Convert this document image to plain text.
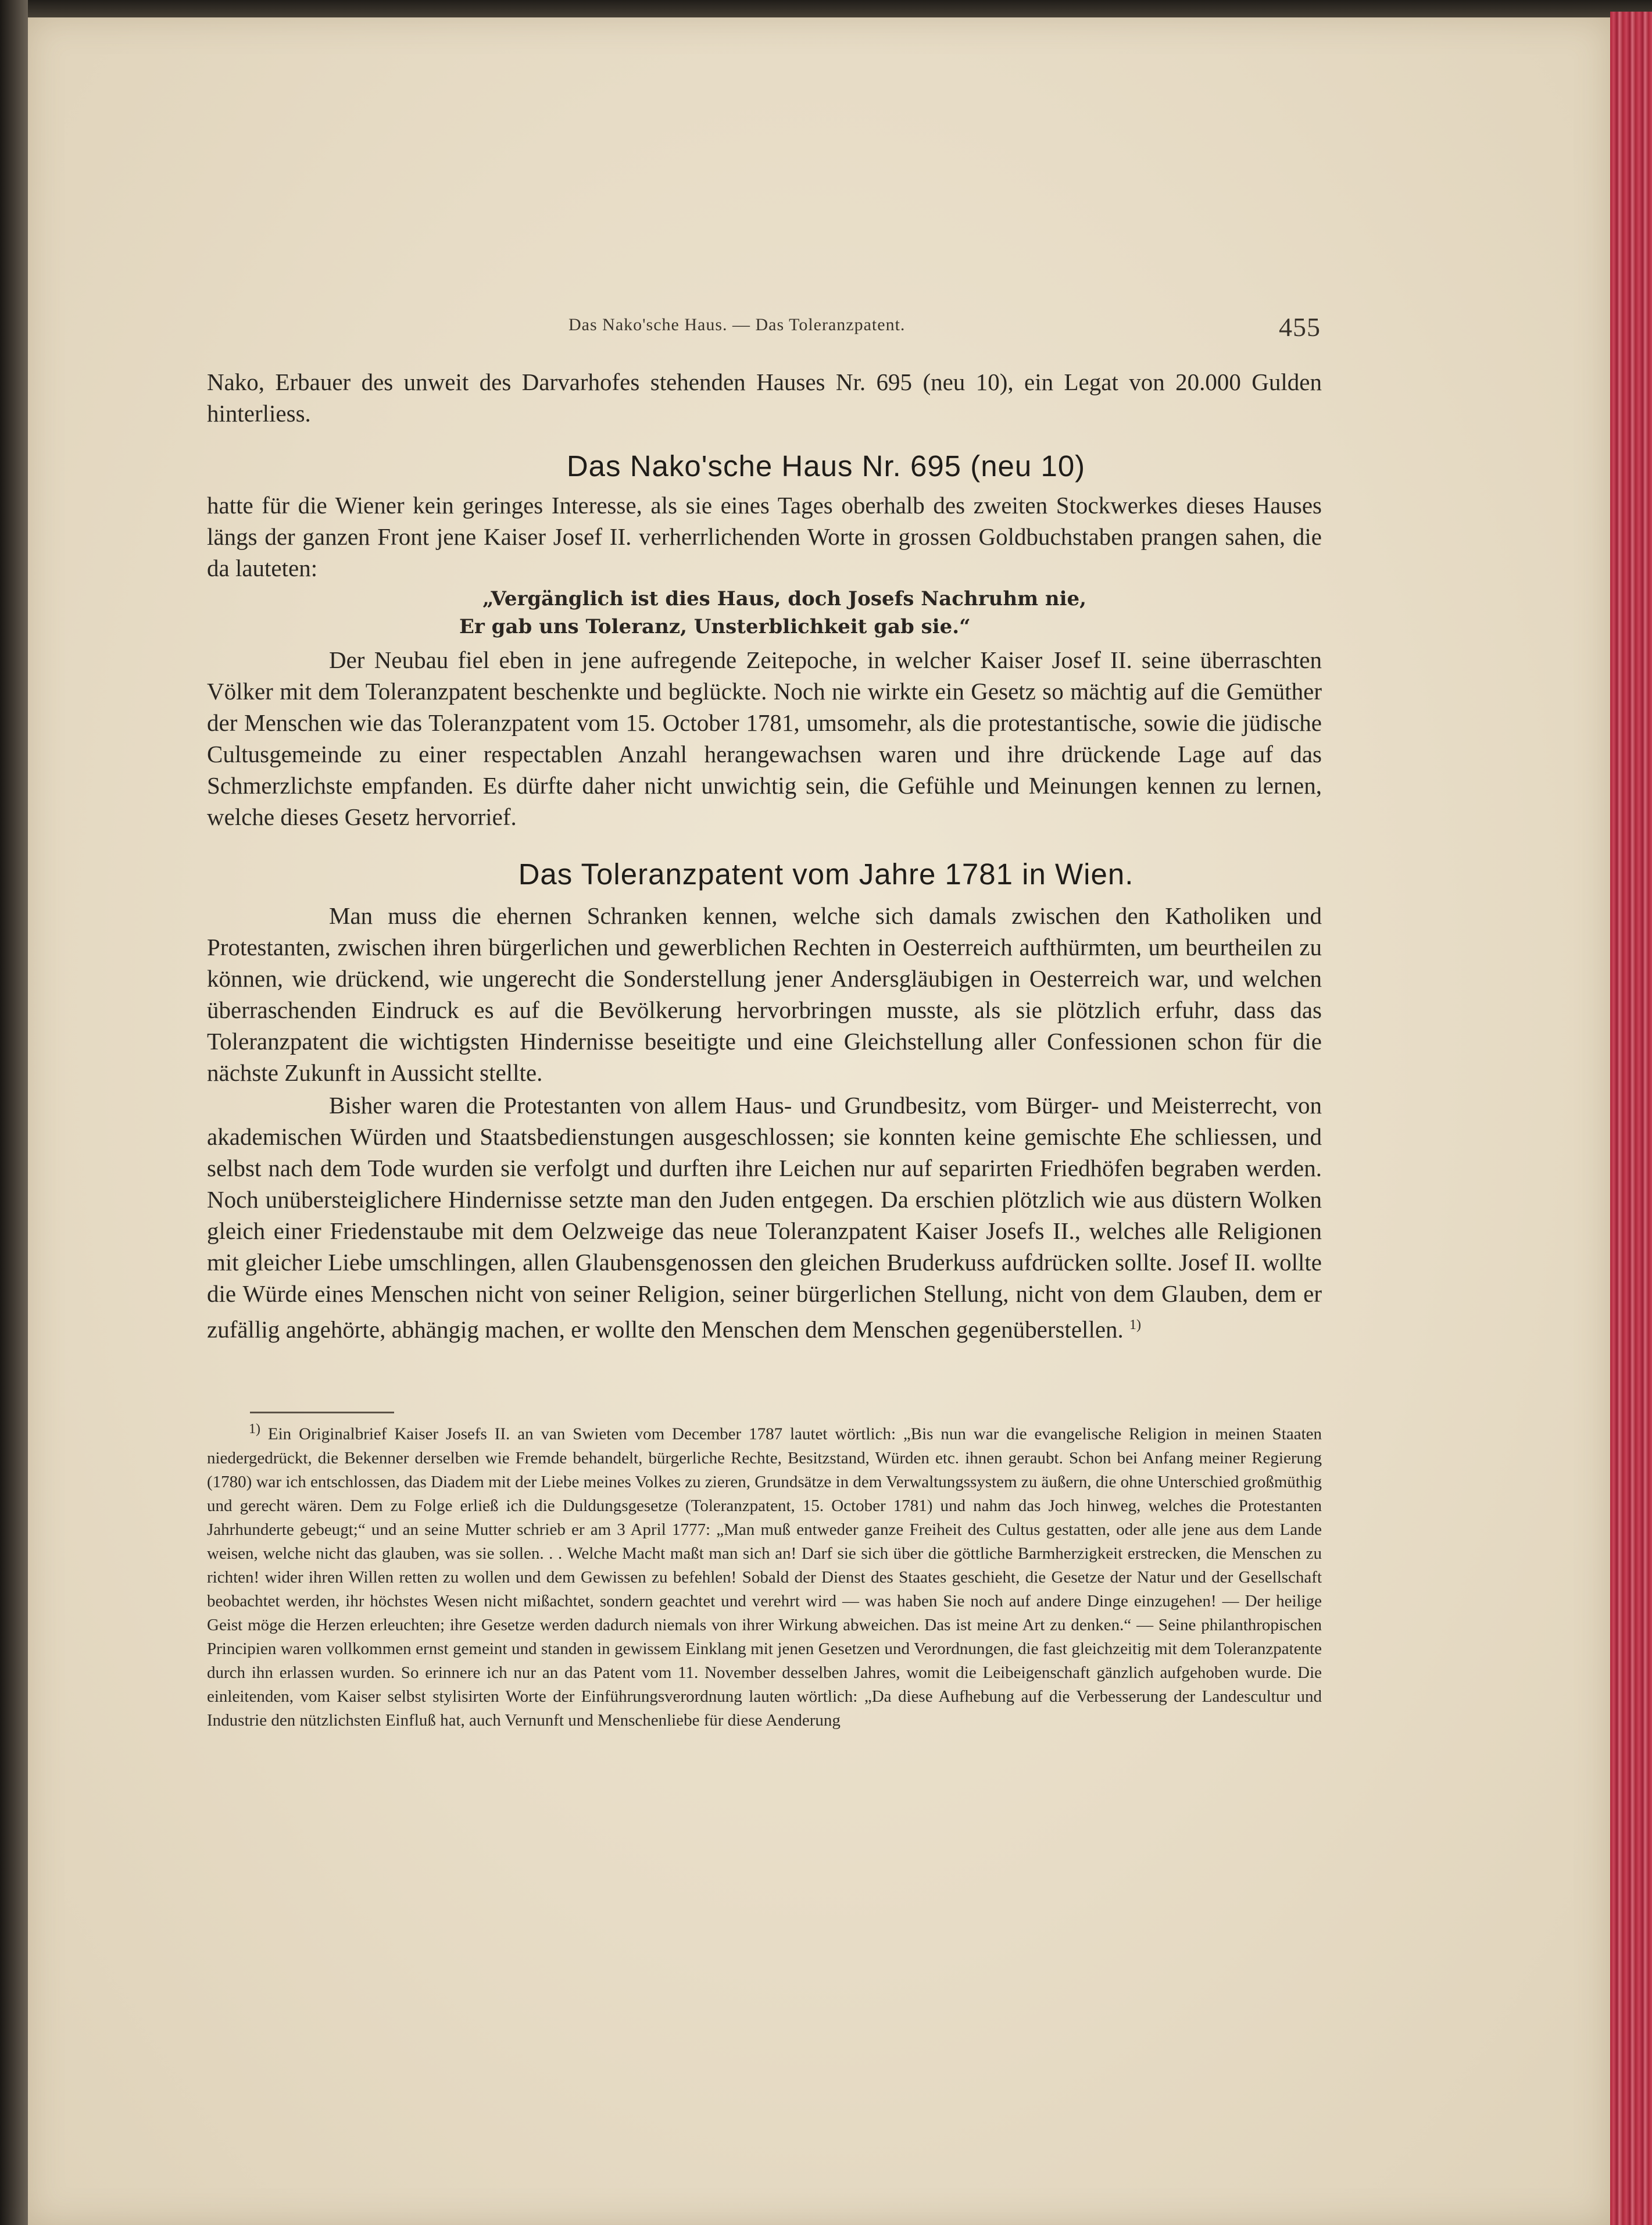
Das Nako'sche Haus. — Das Toleranzpatent.	455

Nako, Erbauer des unweit des Darvarhofes stehenden Hauses Nr. 695 (neu 10), ein Legat von 20.000 Gulden hinterliess.

Das Nako'sche Haus Nr. 695 (neu 10)

hatte für die Wiener kein geringes Interesse, als sie eines Tages oberhalb des zweiten Stockwerkes dieses Hauses längs der ganzen Front jene Kaiser Josef II. verherrlichenden Worte in grossen Goldbuchstaben prangen sahen, die da lauteten:

„Vergänglich ist dies Haus, doch Josefs Nachruhm nie,
Er gab uns Toleranz, Unsterblichkeit gab sie.“

Der Neubau fiel eben in jene aufregende Zeitepoche, in welcher Kaiser Josef II. seine überraschten Völker mit dem Toleranzpatent beschenkte und beglückte. Noch nie wirkte ein Gesetz so mächtig auf die Gemüther der Menschen wie das Toleranzpatent vom 15. October 1781, umsomehr, als die protestantische, sowie die jüdische Cultusgemeinde zu einer respectablen Anzahl herangewachsen waren und ihre drückende Lage auf das Schmerzlichste empfanden. Es dürfte daher nicht unwichtig sein, die Gefühle und Meinungen kennen zu lernen, welche dieses Gesetz hervorrief.

Das Toleranzpatent vom Jahre 1781 in Wien.

Man muss die ehernen Schranken kennen, welche sich damals zwischen den Katholiken und Protestanten, zwischen ihren bürgerlichen und gewerblichen Rechten in Oesterreich aufthürmten, um beurtheilen zu können, wie drückend, wie ungerecht die Sonderstellung jener Andersgläubigen in Oesterreich war, und welchen überraschenden Eindruck es auf die Bevölkerung hervorbringen musste, als sie plötzlich erfuhr, dass das Toleranzpatent die wichtigsten Hindernisse beseitigte und eine Gleichstellung aller Confessionen schon für die nächste Zukunft in Aussicht stellte.

Bisher waren die Protestanten von allem Haus- und Grundbesitz, vom Bürger- und Meisterrecht, von akademischen Würden und Staatsbedienstungen ausgeschlossen; sie konnten keine gemischte Ehe schliessen, und selbst nach dem Tode wurden sie verfolgt und durften ihre Leichen nur auf separirten Friedhöfen begraben werden. Noch unübersteiglichere Hindernisse setzte man den Juden entgegen. Da erschien plötzlich wie aus düstern Wolken gleich einer Friedenstaube mit dem Oelzweige das neue Toleranzpatent Kaiser Josefs II., welches alle Religionen mit gleicher Liebe umschlingen, allen Glaubensgenossen den gleichen Bruderkuss aufdrücken sollte. Josef II. wollte die Würde eines Menschen nicht von seiner Religion, seiner bürgerlichen Stellung, nicht von dem Glauben, dem er zufällig angehörte, abhängig machen, er wollte den Menschen dem Menschen gegenüberstellen. $^{1)}$

$^{1)}$ Ein Originalbrief Kaiser Josefs II. an van Swieten vom December 1787 lautet wörtlich: „Bis nun war die evangelische Religion in meinen Staaten niedergedrückt, die Bekenner derselben wie Fremde behandelt, bürgerliche Rechte, Besitzstand, Würden etc. ihnen geraubt. Schon bei Anfang meiner Regierung (1780) war ich entschlossen, das Diadem mit der Liebe meines Volkes zu zieren, Grundsätze in dem Verwaltungssystem zu äußern, die ohne Unterschied großmüthig und gerecht wären. Dem zu Folge erließ ich die Duldungsgesetze (Toleranzpatent, 15. October 1781) und nahm das Joch hinweg, welches die Protestanten Jahrhunderte gebeugt;“ und an seine Mutter schrieb er am 3 April 1777: „Man muß entweder ganze Freiheit des Cultus gestatten, oder alle jene aus dem Lande weisen, welche nicht das glauben, was sie sollen. . . Welche Macht maßt man sich an! Darf sie sich über die göttliche Barmherzigkeit erstrecken, die Menschen zu richten! wider ihren Willen retten zu wollen und dem Gewissen zu befehlen! Sobald der Dienst des Staates geschieht, die Gesetze der Natur und der Gesellschaft beobachtet werden, ihr höchstes Wesen nicht mißachtet, sondern geachtet und verehrt wird — was haben Sie noch auf andere Dinge einzugehen! — Der heilige Geist möge die Herzen erleuchten; ihre Gesetze werden dadurch niemals von ihrer Wirkung abweichen. Das ist meine Art zu denken.“ — Seine philanthropischen Principien waren vollkommen ernst gemeint und standen in gewissem Einklang mit jenen Gesetzen und Verordnungen, die fast gleichzeitig mit dem Toleranzpatente durch ihn erlassen wurden. So erinnere ich nur an das Patent vom 11. November desselben Jahres, womit die Leibeigenschaft gänzlich aufgehoben wurde. Die einleitenden, vom Kaiser selbst stylisirten Worte der Einführungsverordnung lauten wörtlich: „Da diese Aufhebung auf die Verbesserung der Landescultur und Industrie den nützlichsten Einfluß hat, auch Vernunft und Menschenliebe für diese Aenderung
